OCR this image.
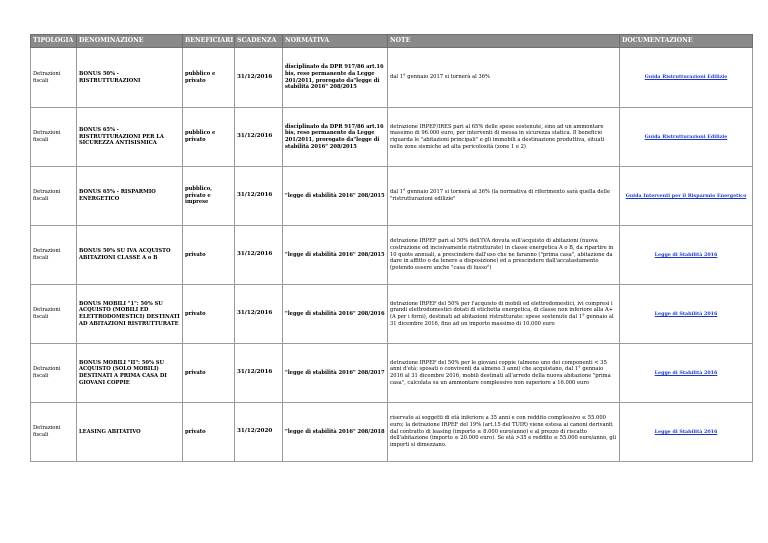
TIPOLOGIA	DENOMINAZIONE	BENEFICIARI	SCADENZA	NORMATIVA	NOTE	DOCUMENTAZIONE
Detrazioni fiscali	BONUS 50% - RISTRUTTURAZIONI	pubblico e privato	31/12/2016	disciplinato da DPR 917/86 art.16 bis, reso permanente da Legge 201/2011, prorogato da"legge di stabilità 2016" 208/2015	dal 1° gennaio 2017 si tornerà al 36%	Guida Ristrutturazioni Edilizie
Detrazioni fiscali	BONUS 65% - RISTRUTTURAZIONI PER LA SICUREZZA ANTISISMICA	pubblico e privato	31/12/2016	disciplinato da DPR 917/86 art.16 bis, reso permanente da Legge 201/2011, prorogato da"legge di stabilità 2016" 208/2015	detrazione IRPEF/IRES pari al 65% delle spese sostenute, sino ad un ammontare massimo di 96.000 euro, per interventi di messa in sicurezza statica. Il beneficio riguarda le "abitazioni principali" e gli immobili a destinazione produttiva, situati nelle zone sismiche ad alta pericolosità (zone 1 e 2)	Guida Ristrutturazioni Edilizie
Detrazioni fiscali	BONUS 65% - RISPARMIO ENERGETICO	pubblico, privato e imprese	31/12/2016	"legge di stabilità 2016" 208/2015	dal 1° gennaio 2017 si tornerà al 36% (la normativa di riferimento sarà quella delle "ristrutturazioni edilizie"	Guida Interventi per il Risparmio Energetico
Detrazioni fiscali	BONUS 50% SU IVA ACQUISTO ABITAZIONI CLASSE A o B	privato	31/12/2016	"legge di stabilità 2016" 208/2015	detrazione IRPEF pari al 50% dell'IVA dovuta sull'acquisto di abitazioni (nuova costruzione od incisivamente ristrutturate) in classe energetica A o B, da ripartire in 10 quote annuali, a prescindere dall'uso che ne faranno ("prima casa", abitazione da dare in affitto o da tenere a disposizione) ed a prescindere dall'accatastamento (potendo essere anche "casa di lusso")	Legge di Stabilità 2016
Detrazioni fiscali	BONUS MOBILI "1": 50% SU ACQUISTO (MOBILI ED ELETTRODOMESTICI) DESTINATI AD ABITAZIONI RISTRUTTURATE	privato	31/12/2016	"legge di stabilità 2016" 208/2016	detrazione IRPEF del 50% per l'acquisto di mobili ed elettrodomestici, ivi compresi i grandi elettrodomestici dotati di etichetta energetica, di classe non inferiore alla A+ (A per i forni), destinati ad abitazioni ristrutturate: spese sostenute dal 1° gennaio al 31 dicembre 2016, fino ad un importo massimo di 10.000 euro	Legge di Stabilità 2016
Detrazioni fiscali	BONUS MOBILI "II": 50% SU ACQUISTO (SOLO MOBILI) DESTINATI A PRIMA CASA DI GIOVANI COPPIE	privato	31/12/2016	"legge di stabilità 2016" 208/2017	detrazione IRPEF del 50% per le giovani coppie (almeno uno dei componenti < 35 anni d'età: sposati o conviventi da almeno 3 anni) che acquistano, dal 1° gennaio 2016 al 31 dicembre 2016, mobili destinati all'arredo della nuova abitazione "prima casa", calcolata su un ammontare complessivo non superiore a 16.000 euro	Legge di Stabilità 2016
Detrazioni fiscali	LEASING ABITATIVO	privato	31/12/2020	"legge di stabilità 2016" 208/2018	riservato ai soggetti di età inferiore a 35 anni e con reddito complessivo ≤ 55.000 euro; la detrazione IRPEF del 19% (art.15 del TUIR) viene estesa ai canoni derivanti dal contratto di leasing (importo ≤ 8.000 euro/anno) e al prezzo di riscatto dell'abitazione (importo ≤ 20.000 euro). Se età >35 e reddito ≤ 55.000 euro/anno, gli importi si dimezzano.	Legge di Stabilità 2016
